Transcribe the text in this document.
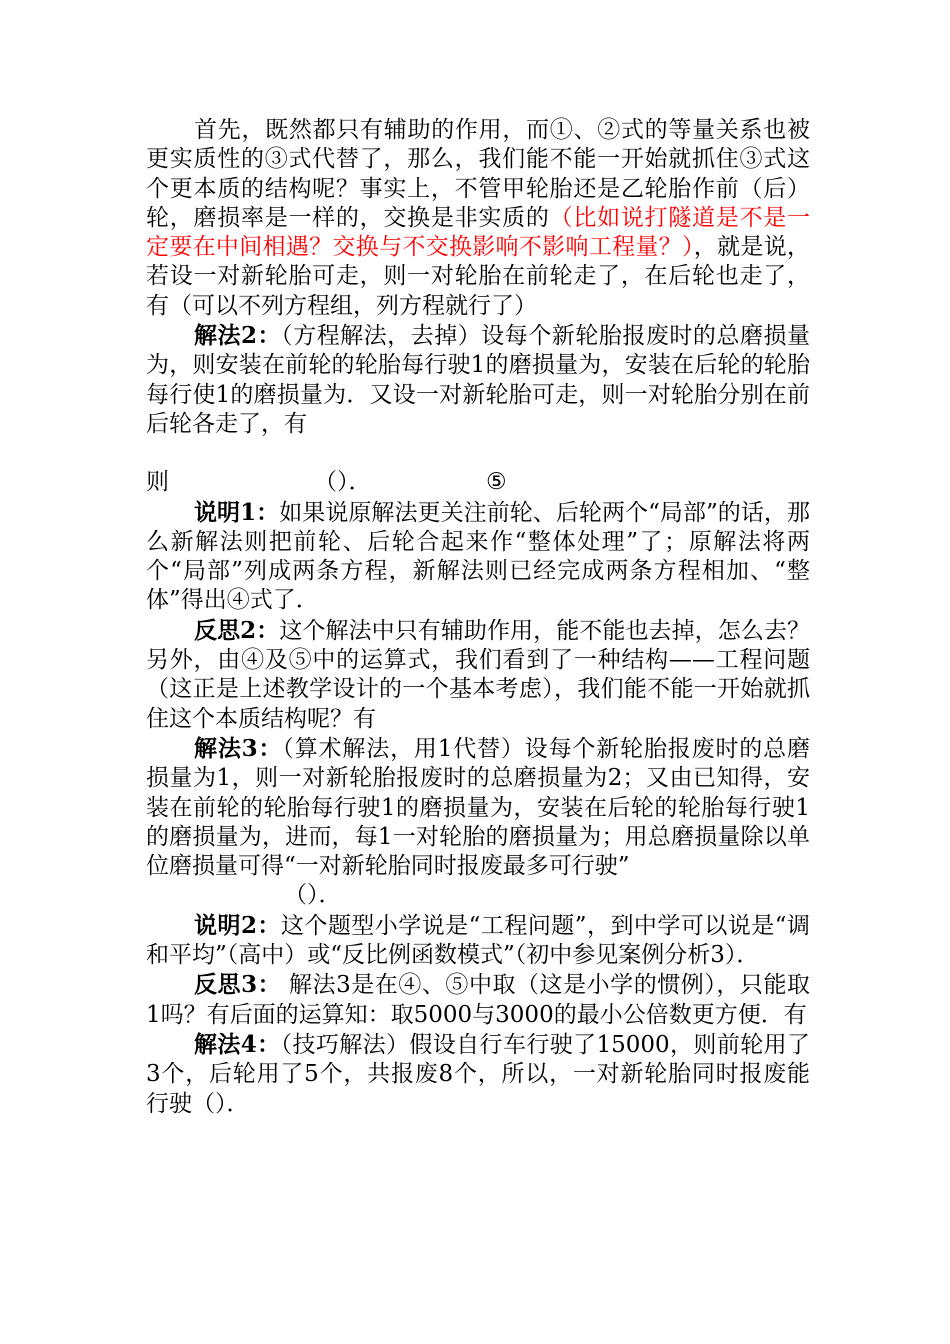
首先，既然都只有辅助的作用，而①、②式的等量关系也被更实质性的③式代替了，那么，我们能不能一开始就抓住③式这个更本质的结构呢？事实上，不管甲轮胎还是乙轮胎作前（后）轮，磨损率是一样的，交换是非实质的（比如说打隧道是不是一定要在中间相遇？交换与不交换影响不影响工程量？），就是说，若设一对新轮胎可走，则一对轮胎在前轮走了，在后轮也走了，有（可以不列方程组，列方程就行了）

解法2：（方程解法，去掉）设每个新轮胎报废时的总磨损量为，则安装在前轮的轮胎每行驶1的磨损量为，安装在后轮的轮胎每行使1的磨损量为．又设一对新轮胎可走，则一对轮胎分别在前后轮各走了，有

则	（）．	⑤

说明1：如果说原解法更关注前轮、后轮两个“局部”的话，那么新解法则把前轮、后轮合起来作“整体处理”了；原解法将两个“局部”列成两条方程，新解法则已经完成两条方程相加、“整体”得出④式了．

反思2：这个解法中只有辅助作用，能不能也去掉，怎么去？另外，由④及⑤中的运算式，我们看到了一种结构——工程问题（这正是上述教学设计的一个基本考虑），我们能不能一开始就抓住这个本质结构呢？有

解法3：（算术解法，用1代替）设每个新轮胎报废时的总磨损量为1，则一对新轮胎报废时的总磨损量为2；又由已知得，安装在前轮的轮胎每行驶1的磨损量为，安装在后轮的轮胎每行驶1的磨损量为，进而，每1一对轮胎的磨损量为；用总磨损量除以单位磨损量可得“一对新轮胎同时报废最多可行驶”

（）．

说明2：这个题型小学说是“工程问题”，到中学可以说是“调和平均”（高中）或“反比例函数模式”（初中参见案例分析3）．

反思3： 解法3是在④、⑤中取（这是小学的惯例），只能取1吗？有后面的运算知：取5000与3000的最小公倍数更方便．有

解法4：（技巧解法）假设自行车行驶了15000，则前轮用了3个，后轮用了5个，共报废8个，所以，一对新轮胎同时报废能行驶（）．
